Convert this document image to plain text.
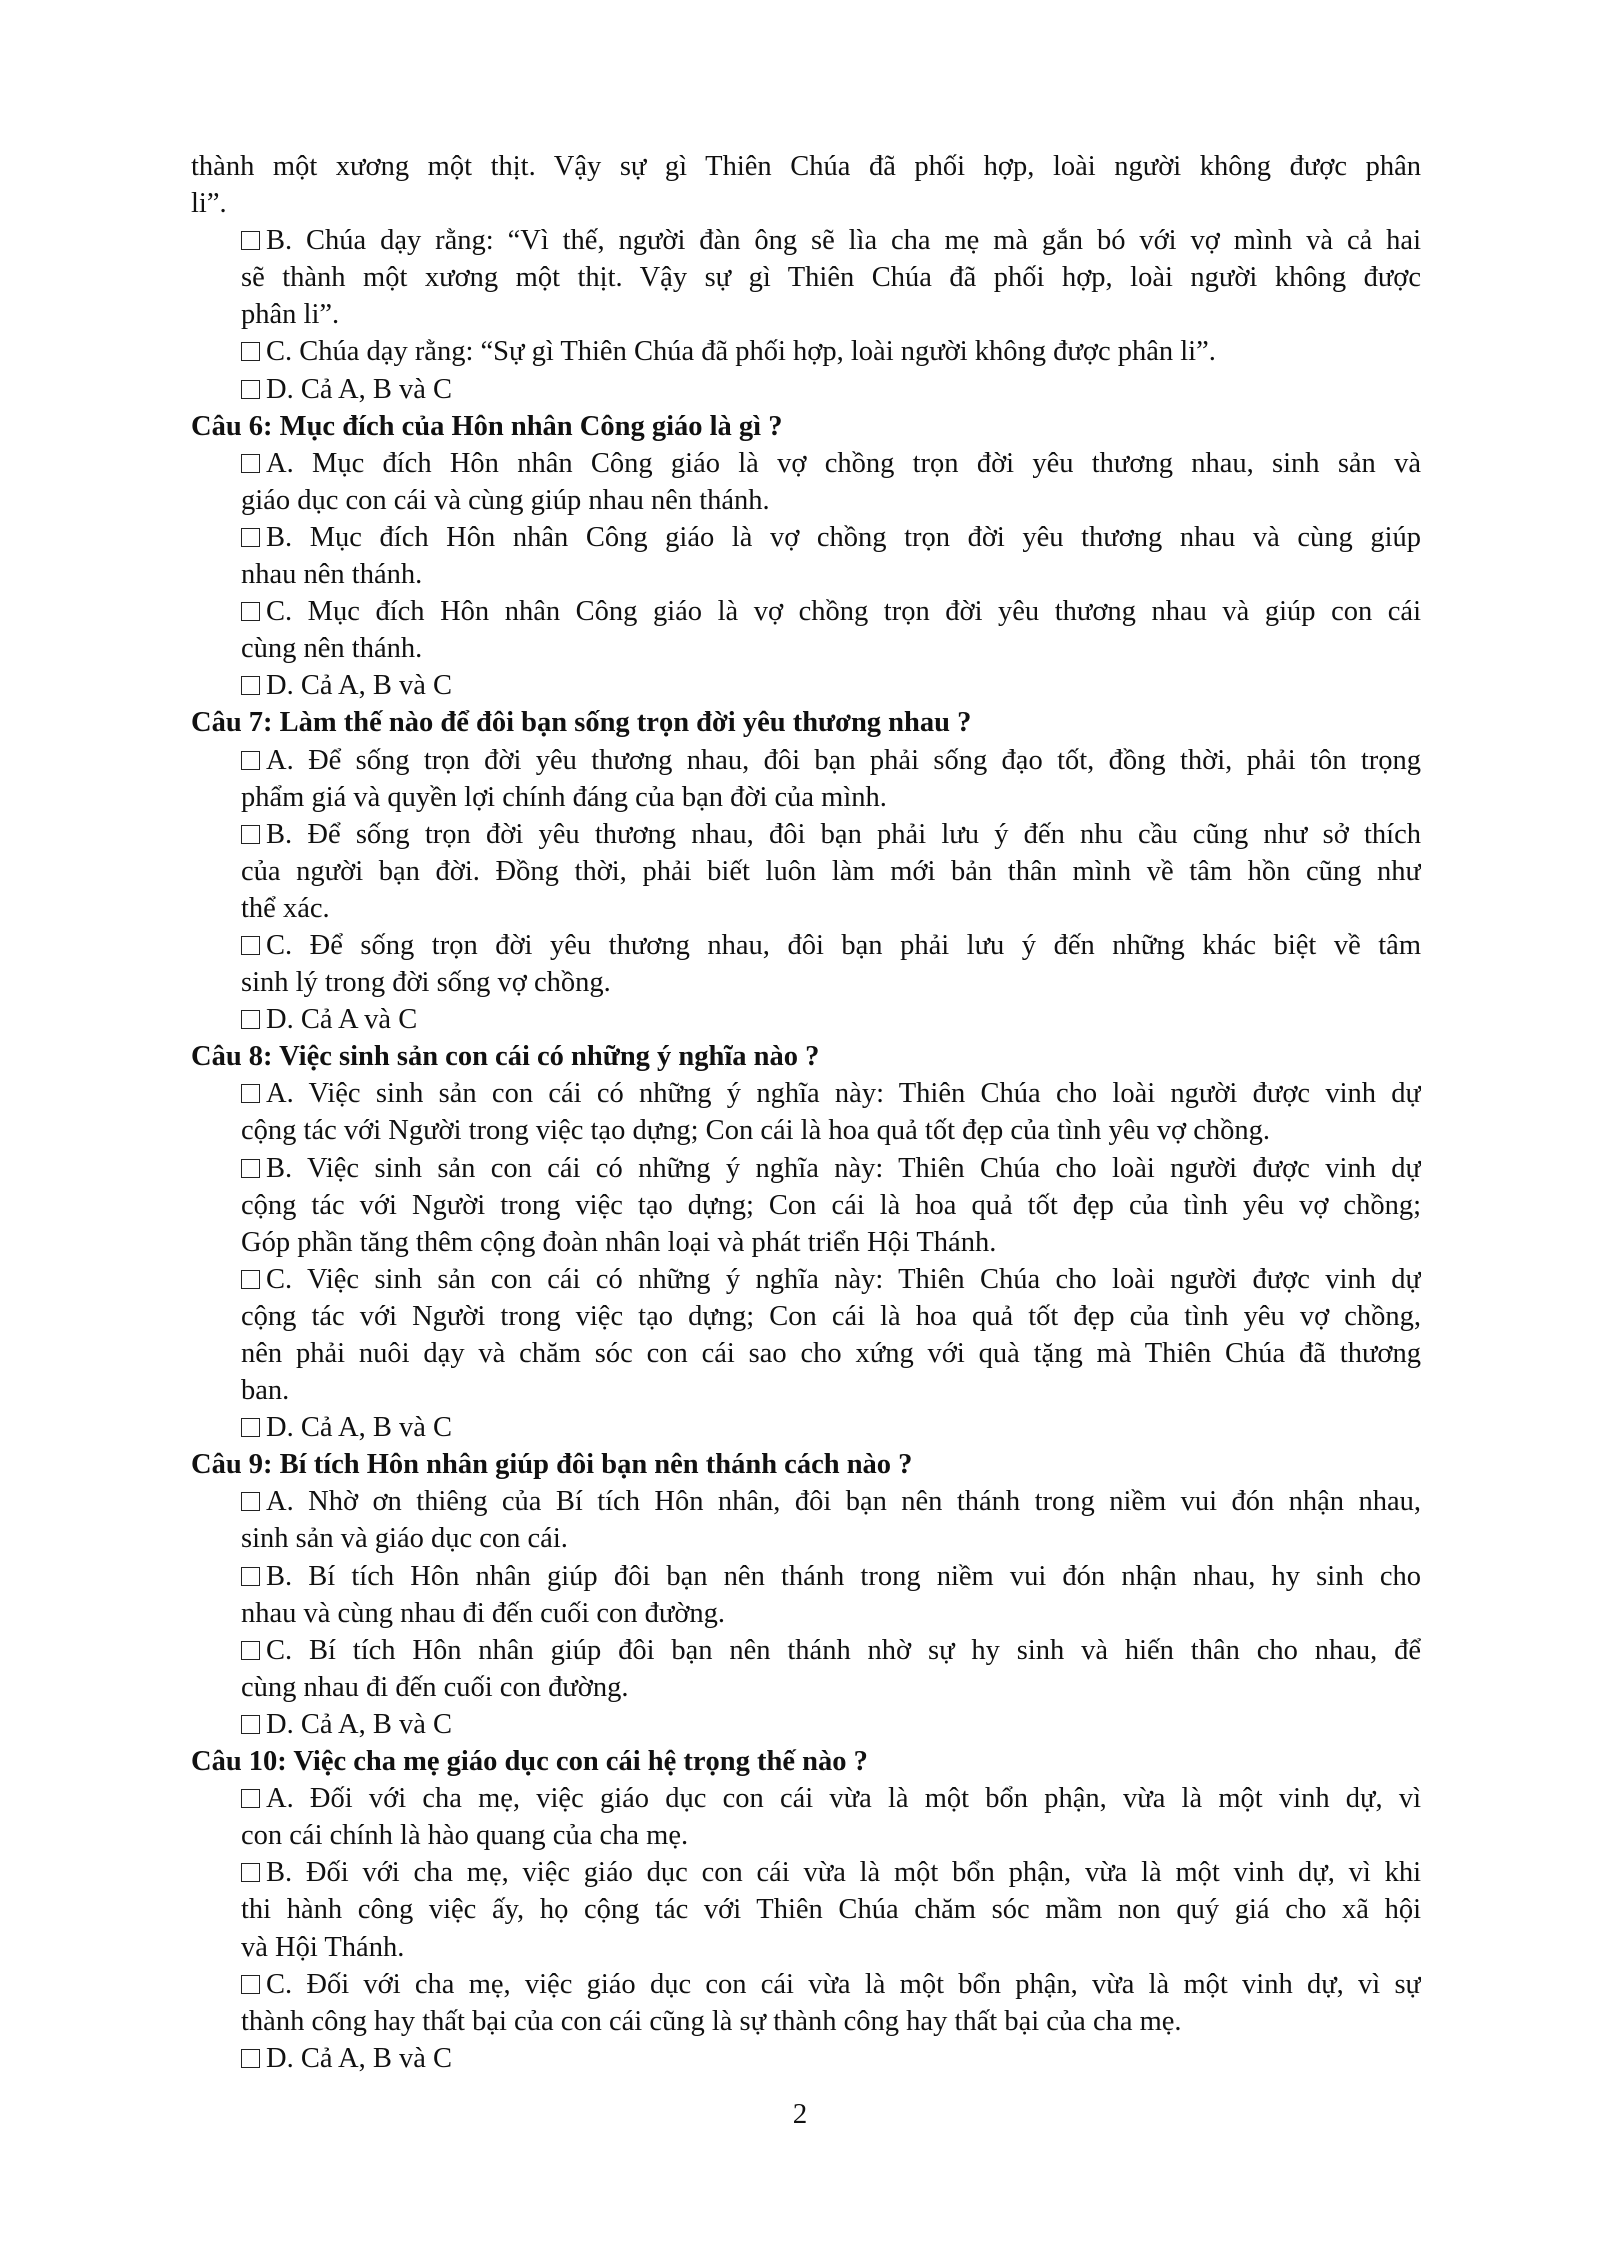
thành một xương một thịt. Vậy sự gì Thiên Chúa đã phối hợp, loài người không được phân
li”.
B. Chúa dạy rằng: “Vì thế, người đàn ông sẽ lìa cha mẹ mà gắn bó với vợ mình và cả hai
sẽ thành một xương một thịt. Vậy sự gì Thiên Chúa đã phối hợp, loài người không được
phân li”.
C. Chúa dạy rằng: “Sự gì Thiên Chúa đã phối hợp, loài người không được phân li”.
D. Cả A, B và C
Câu 6: Mục đích của Hôn nhân Công giáo là gì ?
A. Mục đích Hôn nhân Công giáo là vợ chồng trọn đời yêu thương nhau, sinh sản và
giáo dục con cái và cùng giúp nhau nên thánh.
B. Mục đích Hôn nhân Công giáo là vợ chồng trọn đời yêu thương nhau và cùng giúp
nhau nên thánh.
C. Mục đích Hôn nhân Công giáo là vợ chồng trọn đời yêu thương nhau và giúp con cái
cùng nên thánh.
D. Cả A, B và C
Câu 7: Làm thế nào để đôi bạn sống trọn đời yêu thương nhau ?
A. Để sống trọn đời yêu thương nhau, đôi bạn phải sống đạo tốt, đồng thời, phải tôn trọng
phẩm giá và quyền lợi chính đáng của bạn đời của mình.
B. Để sống trọn đời yêu thương nhau, đôi bạn phải lưu ý đến nhu cầu cũng như sở thích
của người bạn đời. Đồng thời, phải biết luôn làm mới bản thân mình về tâm hồn cũng như
thể xác.
C. Để sống trọn đời yêu thương nhau, đôi bạn phải lưu ý đến những khác biệt về tâm
sinh lý trong đời sống vợ chồng.
D. Cả A và C
Câu 8: Việc sinh sản con cái có những ý nghĩa nào ?
A. Việc sinh sản con cái có những ý nghĩa này: Thiên Chúa cho loài người được vinh dự
cộng tác với Người trong việc tạo dựng; Con cái là hoa quả tốt đẹp của tình yêu vợ chồng.
B. Việc sinh sản con cái có những ý nghĩa này: Thiên Chúa cho loài người được vinh dự
cộng tác với Người trong việc tạo dựng; Con cái là hoa quả tốt đẹp của tình yêu vợ chồng;
Góp phần tăng thêm cộng đoàn nhân loại và phát triển Hội Thánh.
C. Việc sinh sản con cái có những ý nghĩa này: Thiên Chúa cho loài người được vinh dự
cộng tác với Người trong việc tạo dựng; Con cái là hoa quả tốt đẹp của tình yêu vợ chồng,
nên phải nuôi dạy và chăm sóc con cái sao cho xứng với quà tặng mà Thiên Chúa đã thương
ban.
D. Cả A, B và C
Câu 9: Bí tích Hôn nhân giúp đôi bạn nên thánh cách nào ?
A. Nhờ ơn thiêng của Bí tích Hôn nhân, đôi bạn nên thánh trong niềm vui đón nhận nhau,
sinh sản và giáo dục con cái.
B. Bí tích Hôn nhân giúp đôi bạn nên thánh trong niềm vui đón nhận nhau, hy sinh cho
nhau và cùng nhau đi đến cuối con đường.
C. Bí tích Hôn nhân giúp đôi bạn nên thánh nhờ sự hy sinh và hiến thân cho nhau, để
cùng nhau đi đến cuối con đường.
D. Cả A, B và C
Câu 10: Việc cha mẹ giáo dục con cái hệ trọng thế nào ?
A. Đối với cha mẹ, việc giáo dục con cái vừa là một bổn phận, vừa là một vinh dự, vì
con cái chính là hào quang của cha mẹ.
B. Đối với cha mẹ, việc giáo dục con cái vừa là một bổn phận, vừa là một vinh dự, vì khi
thi hành công việc ấy, họ cộng tác với Thiên Chúa chăm sóc mầm non quý giá cho xã hội
và Hội Thánh.
C. Đối với cha mẹ, việc giáo dục con cái vừa là một bổn phận, vừa là một vinh dự, vì sự
thành công hay thất bại của con cái cũng là sự thành công hay thất bại của cha mẹ.
D. Cả A, B và C
2
